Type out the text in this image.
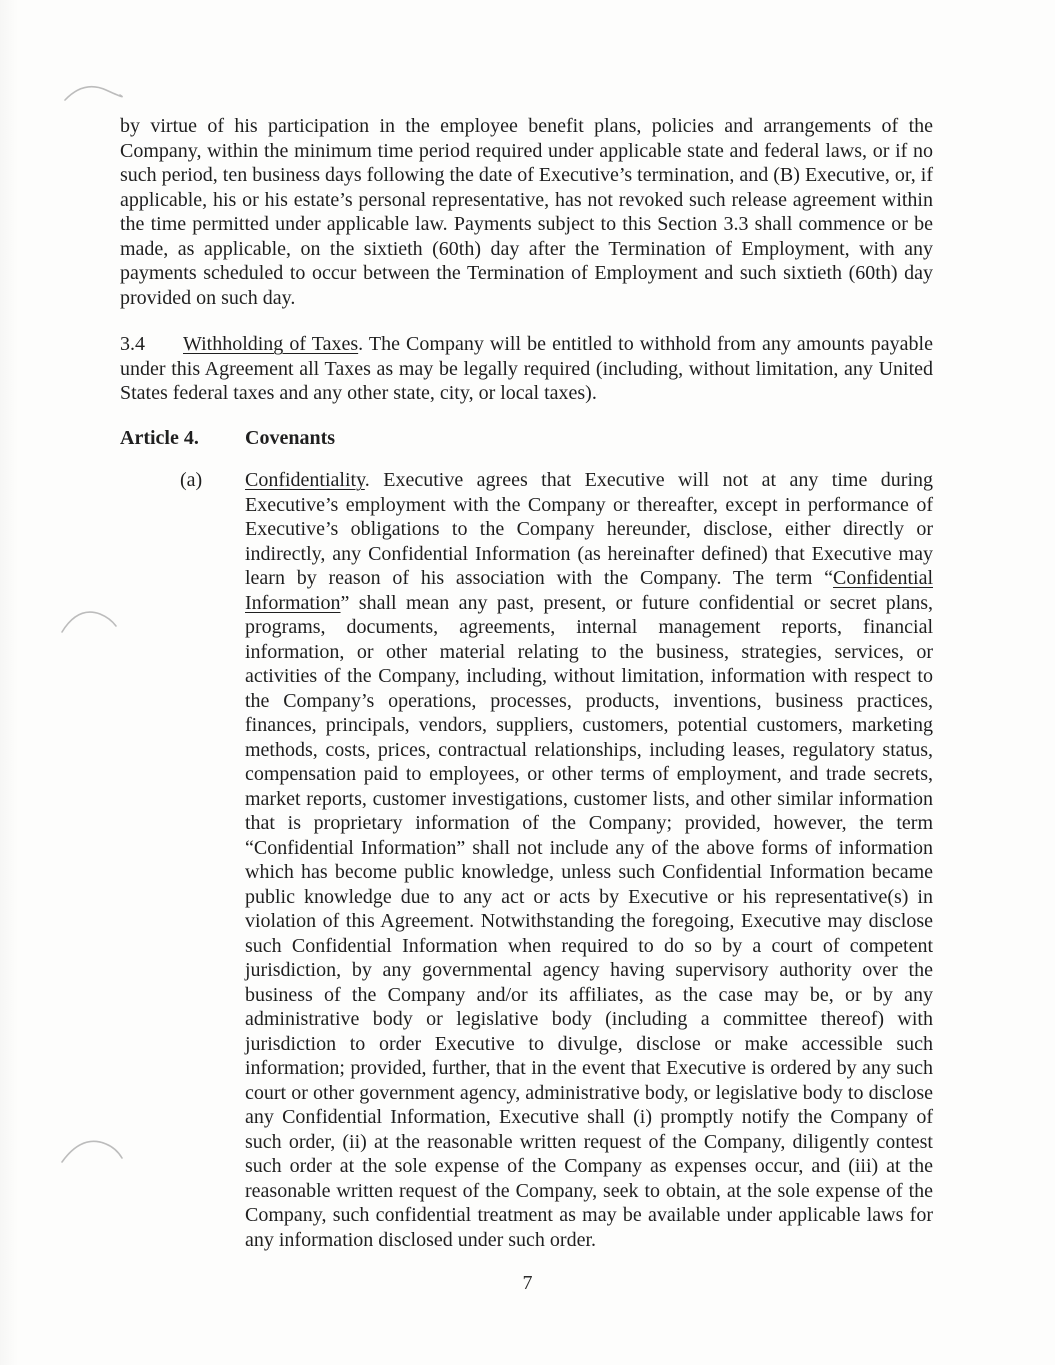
by virtue of his participation in the employee benefit plans, policies and arrangements of the Company, within the minimum time period required under applicable state and federal laws, or if no such period, ten business days following the date of Executive’s termination, and (B) Executive, or, if applicable, his or his estate’s personal representative, has not revoked such release agreement within the time permitted under applicable law. Payments subject to this Section 3.3 shall commence or be made, as applicable, on the sixtieth (60th) day after the Termination of Employment, with any payments scheduled to occur between the Termination of Employment and such sixtieth (60th) day provided on such day.

3.4 Withholding of Taxes. The Company will be entitled to withhold from any amounts payable under this Agreement all Taxes as may be legally required (including, without limitation, any United States federal taxes and any other state, city, or local taxes).

Article 4. Covenants

(a) Confidentiality. Executive agrees that Executive will not at any time during Executive’s employment with the Company or thereafter, except in performance of Executive’s obligations to the Company hereunder, disclose, either directly or indirectly, any Confidential Information (as hereinafter defined) that Executive may learn by reason of his association with the Company. The term “Confidential Information” shall mean any past, present, or future confidential or secret plans, programs, documents, agreements, internal management reports, financial information, or other material relating to the business, strategies, services, or activities of the Company, including, without limitation, information with respect to the Company’s operations, processes, products, inventions, business practices, finances, principals, vendors, suppliers, customers, potential customers, marketing methods, costs, prices, contractual relationships, including leases, regulatory status, compensation paid to employees, or other terms of employment, and trade secrets, market reports, customer investigations, customer lists, and other similar information that is proprietary information of the Company; provided, however, the term “Confidential Information” shall not include any of the above forms of information which has become public knowledge, unless such Confidential Information became public knowledge due to any act or acts by Executive or his representative(s) in violation of this Agreement. Notwithstanding the foregoing, Executive may disclose such Confidential Information when required to do so by a court of competent jurisdiction, by any governmental agency having supervisory authority over the business of the Company and/or its affiliates, as the case may be, or by any administrative body or legislative body (including a committee thereof) with jurisdiction to order Executive to divulge, disclose or make accessible such information; provided, further, that in the event that Executive is ordered by any such court or other government agency, administrative body, or legislative body to disclose any Confidential Information, Executive shall (i) promptly notify the Company of such order, (ii) at the reasonable written request of the Company, diligently contest such order at the sole expense of the Company as expenses occur, and (iii) at the reasonable written request of the Company, seek to obtain, at the sole expense of the Company, such confidential treatment as may be available under applicable laws for any information disclosed under such order.
7
